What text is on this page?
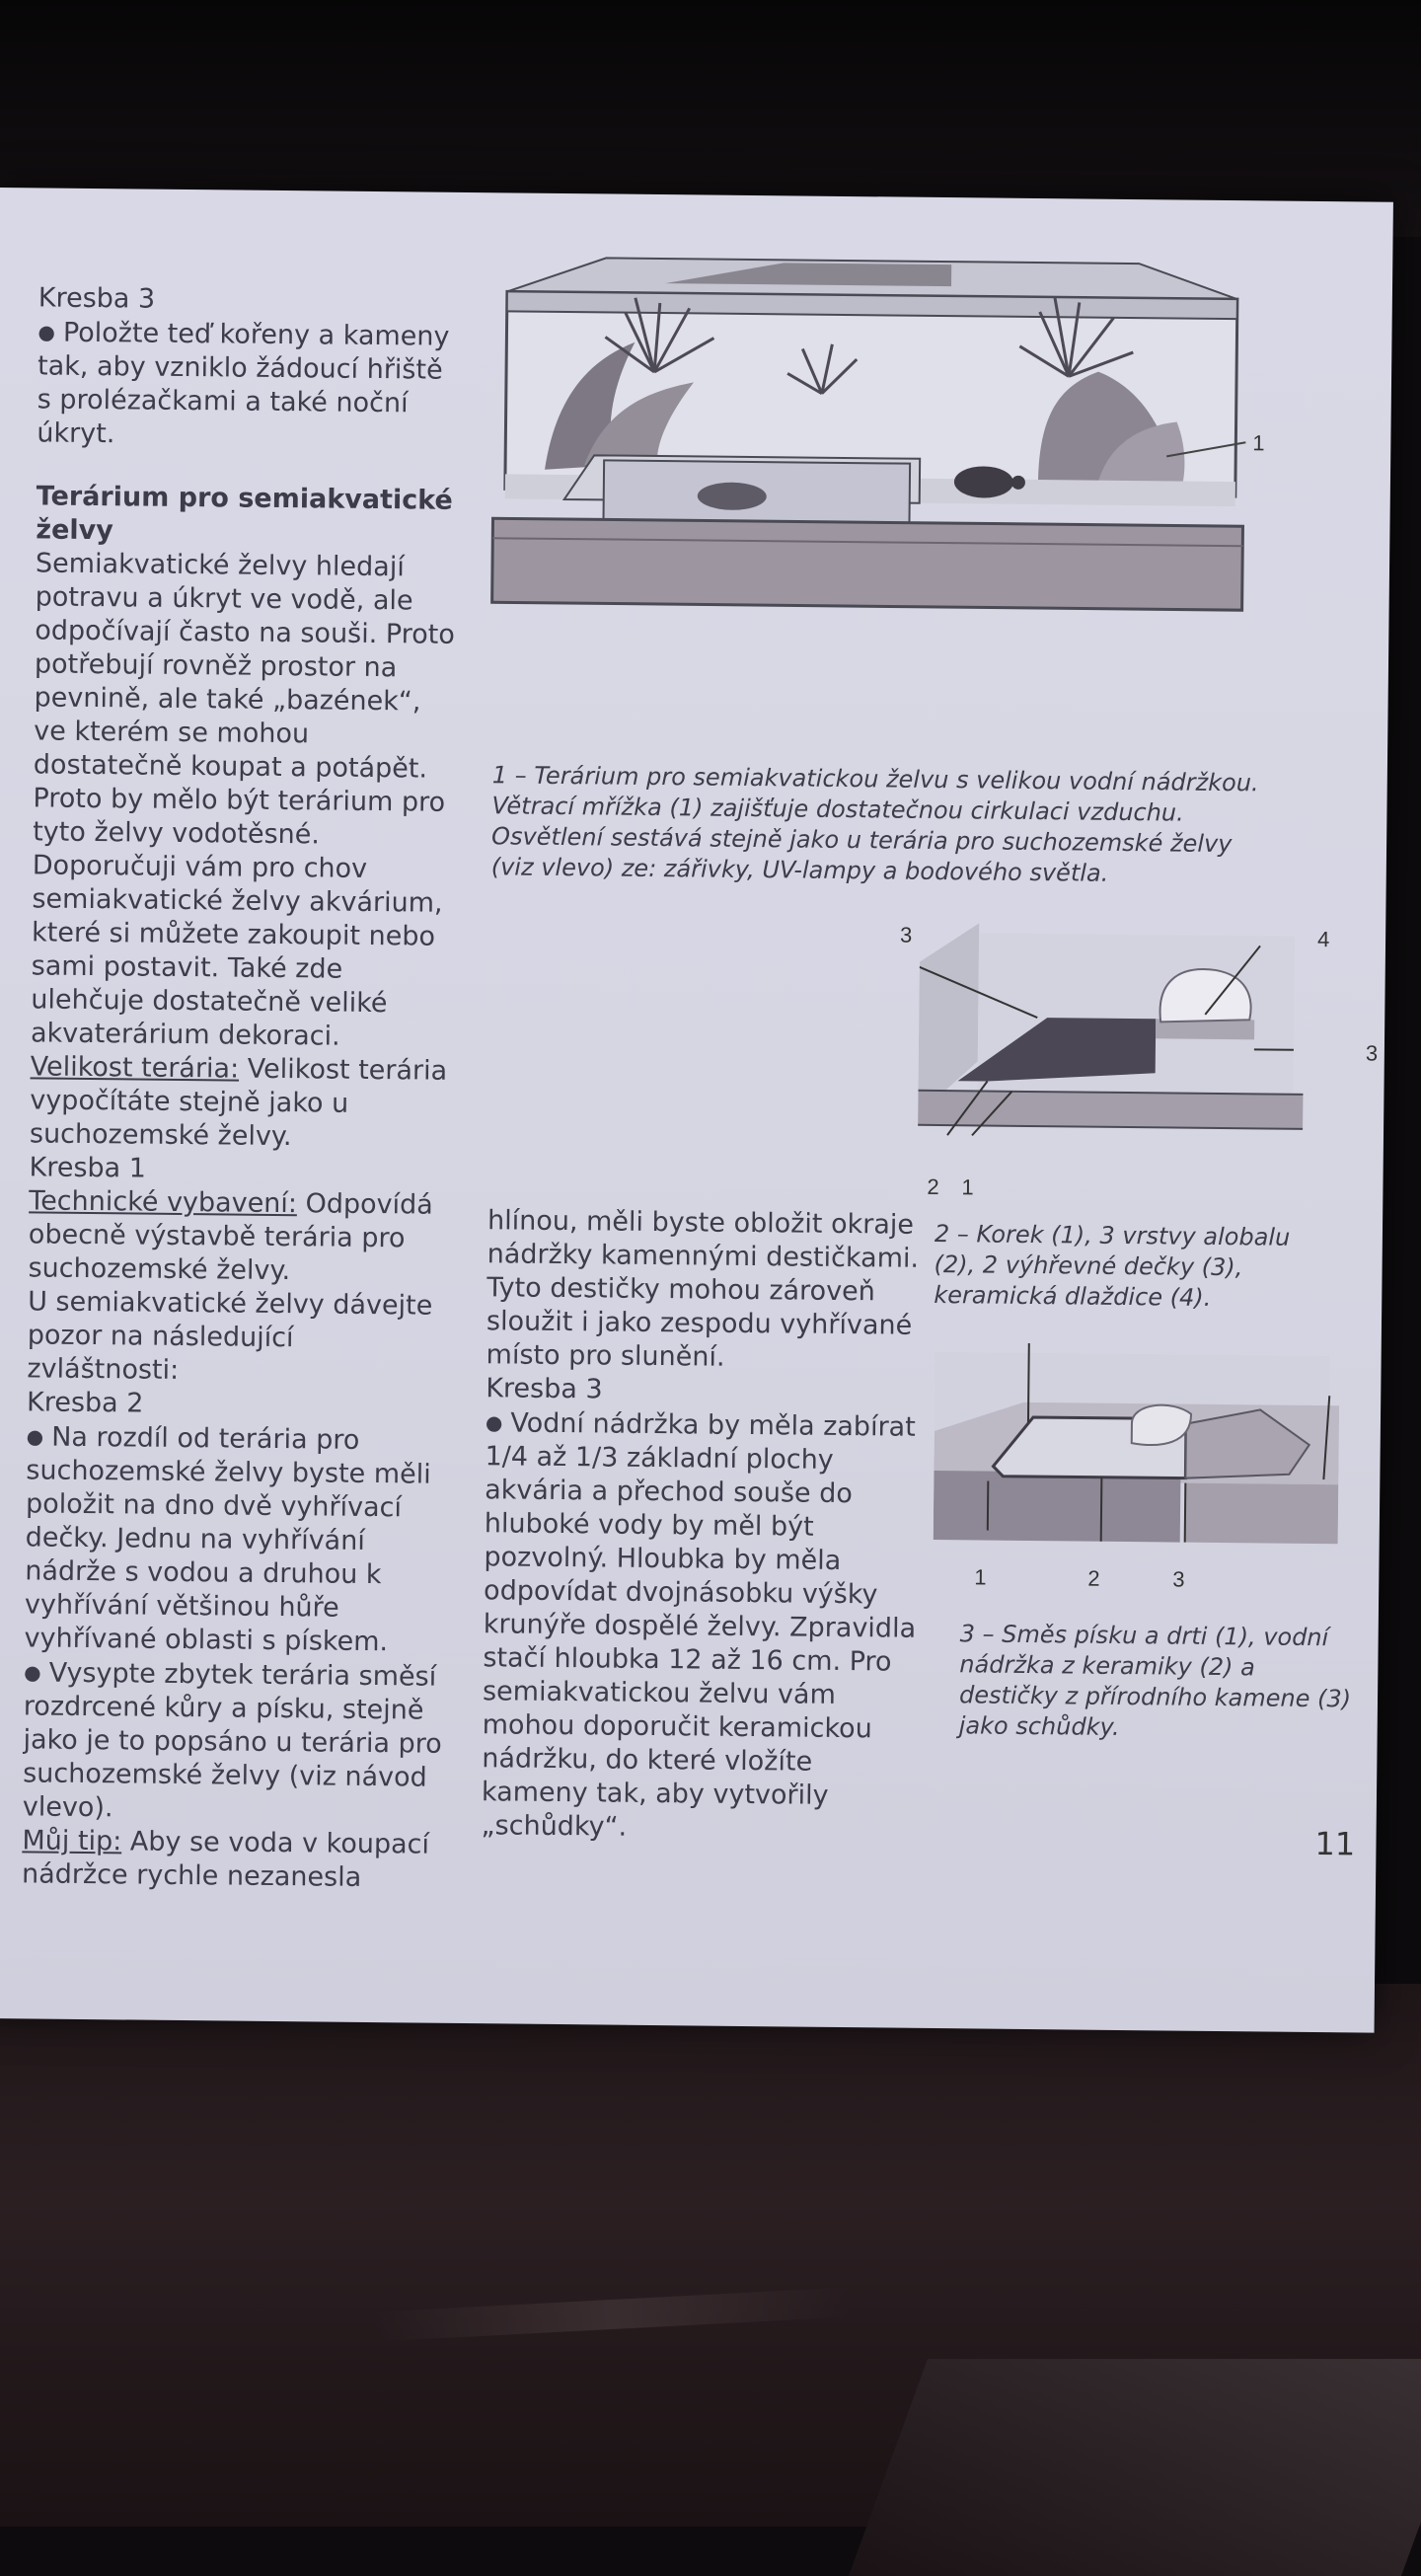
Kresba 3

● Položte teď kořeny a kameny tak, aby vzniklo žádoucí hřiště s prolézačkami a také noční úkryt.

Terárium pro semiakvatické želvy

Semiakvatické želvy hledají potravu a úkryt ve vodě, ale odpočívají často na souši. Proto potřebují rovněž prostor na pevnině, ale také „bazének“, ve kterém se mohou dostatečně koupat a potápět. Proto by mělo být terárium pro tyto želvy vodotěsné.

Doporučuji vám pro chov semiakvatické želvy akvárium, které si můžete zakoupit nebo sami postavit. Také zde ulehčuje dostatečně veliké akvaterárium dekoraci.

Velikost terária: Velikost terária vypočítáte stejně jako u suchozemské želvy.

Kresba 1

Technické vybavení: Odpovídá obecně výstavbě terária pro suchozemské želvy.

U semiakvatické želvy dávejte pozor na následující zvláštnosti:

Kresba 2

● Na rozdíl od terária pro suchozemské želvy byste měli položit na dno dvě vyhřívací dečky. Jednu na vyhřívání nádrže s vodou a druhou k vyhřívání většinou hůře vyhřívané oblasti s pískem.

● Vysypte zbytek terária směsí rozdrcené kůry a písku, stejně jako je to popsáno u terária pro suchozemské želvy (viz návod vlevo).

Můj tip: Aby se voda v koupací nádržce rychle nezanesla

1
1 – Terárium pro semiakvatickou želvu s velikou vodní nádržkou. Větrací mřížka (1) zajišťuje dostatečnou cirkulaci vzduchu. Osvětlení sestává stejně jako u terária pro suchozemské želvy (viz vlevo) ze: zářivky, UV-lampy a bodového světla.
3	4
3
2 1
2 – Korek (1), 3 vrstvy alobalu (2), 2 výhřevné dečky (3), keramická dlaždice (4).
1	2	3
3 – Směs písku a drti (1), vodní nádržka z keramiky (2) a destičky z přírodního kamene (3) jako schůdky.

hlínou, měli byste obložit okraje nádržky kamennými destičkami. Tyto destičky mohou zároveň sloužit i jako zespodu vyhřívané místo pro slunění.

Kresba 3

● Vodní nádržka by měla zabírat 1/4 až 1/3 základní plochy akvária a přechod souše do hluboké vody by měl být pozvolný. Hloubka by měla odpovídat dvojnásobku výšky krunýře dospělé želvy. Zpravidla stačí hloubka 12 až 16 cm. Pro semiakvatickou želvu vám mohou doporučit keramickou nádržku, do které vložíte kameny tak, aby vytvořily „schůdky“.	11
